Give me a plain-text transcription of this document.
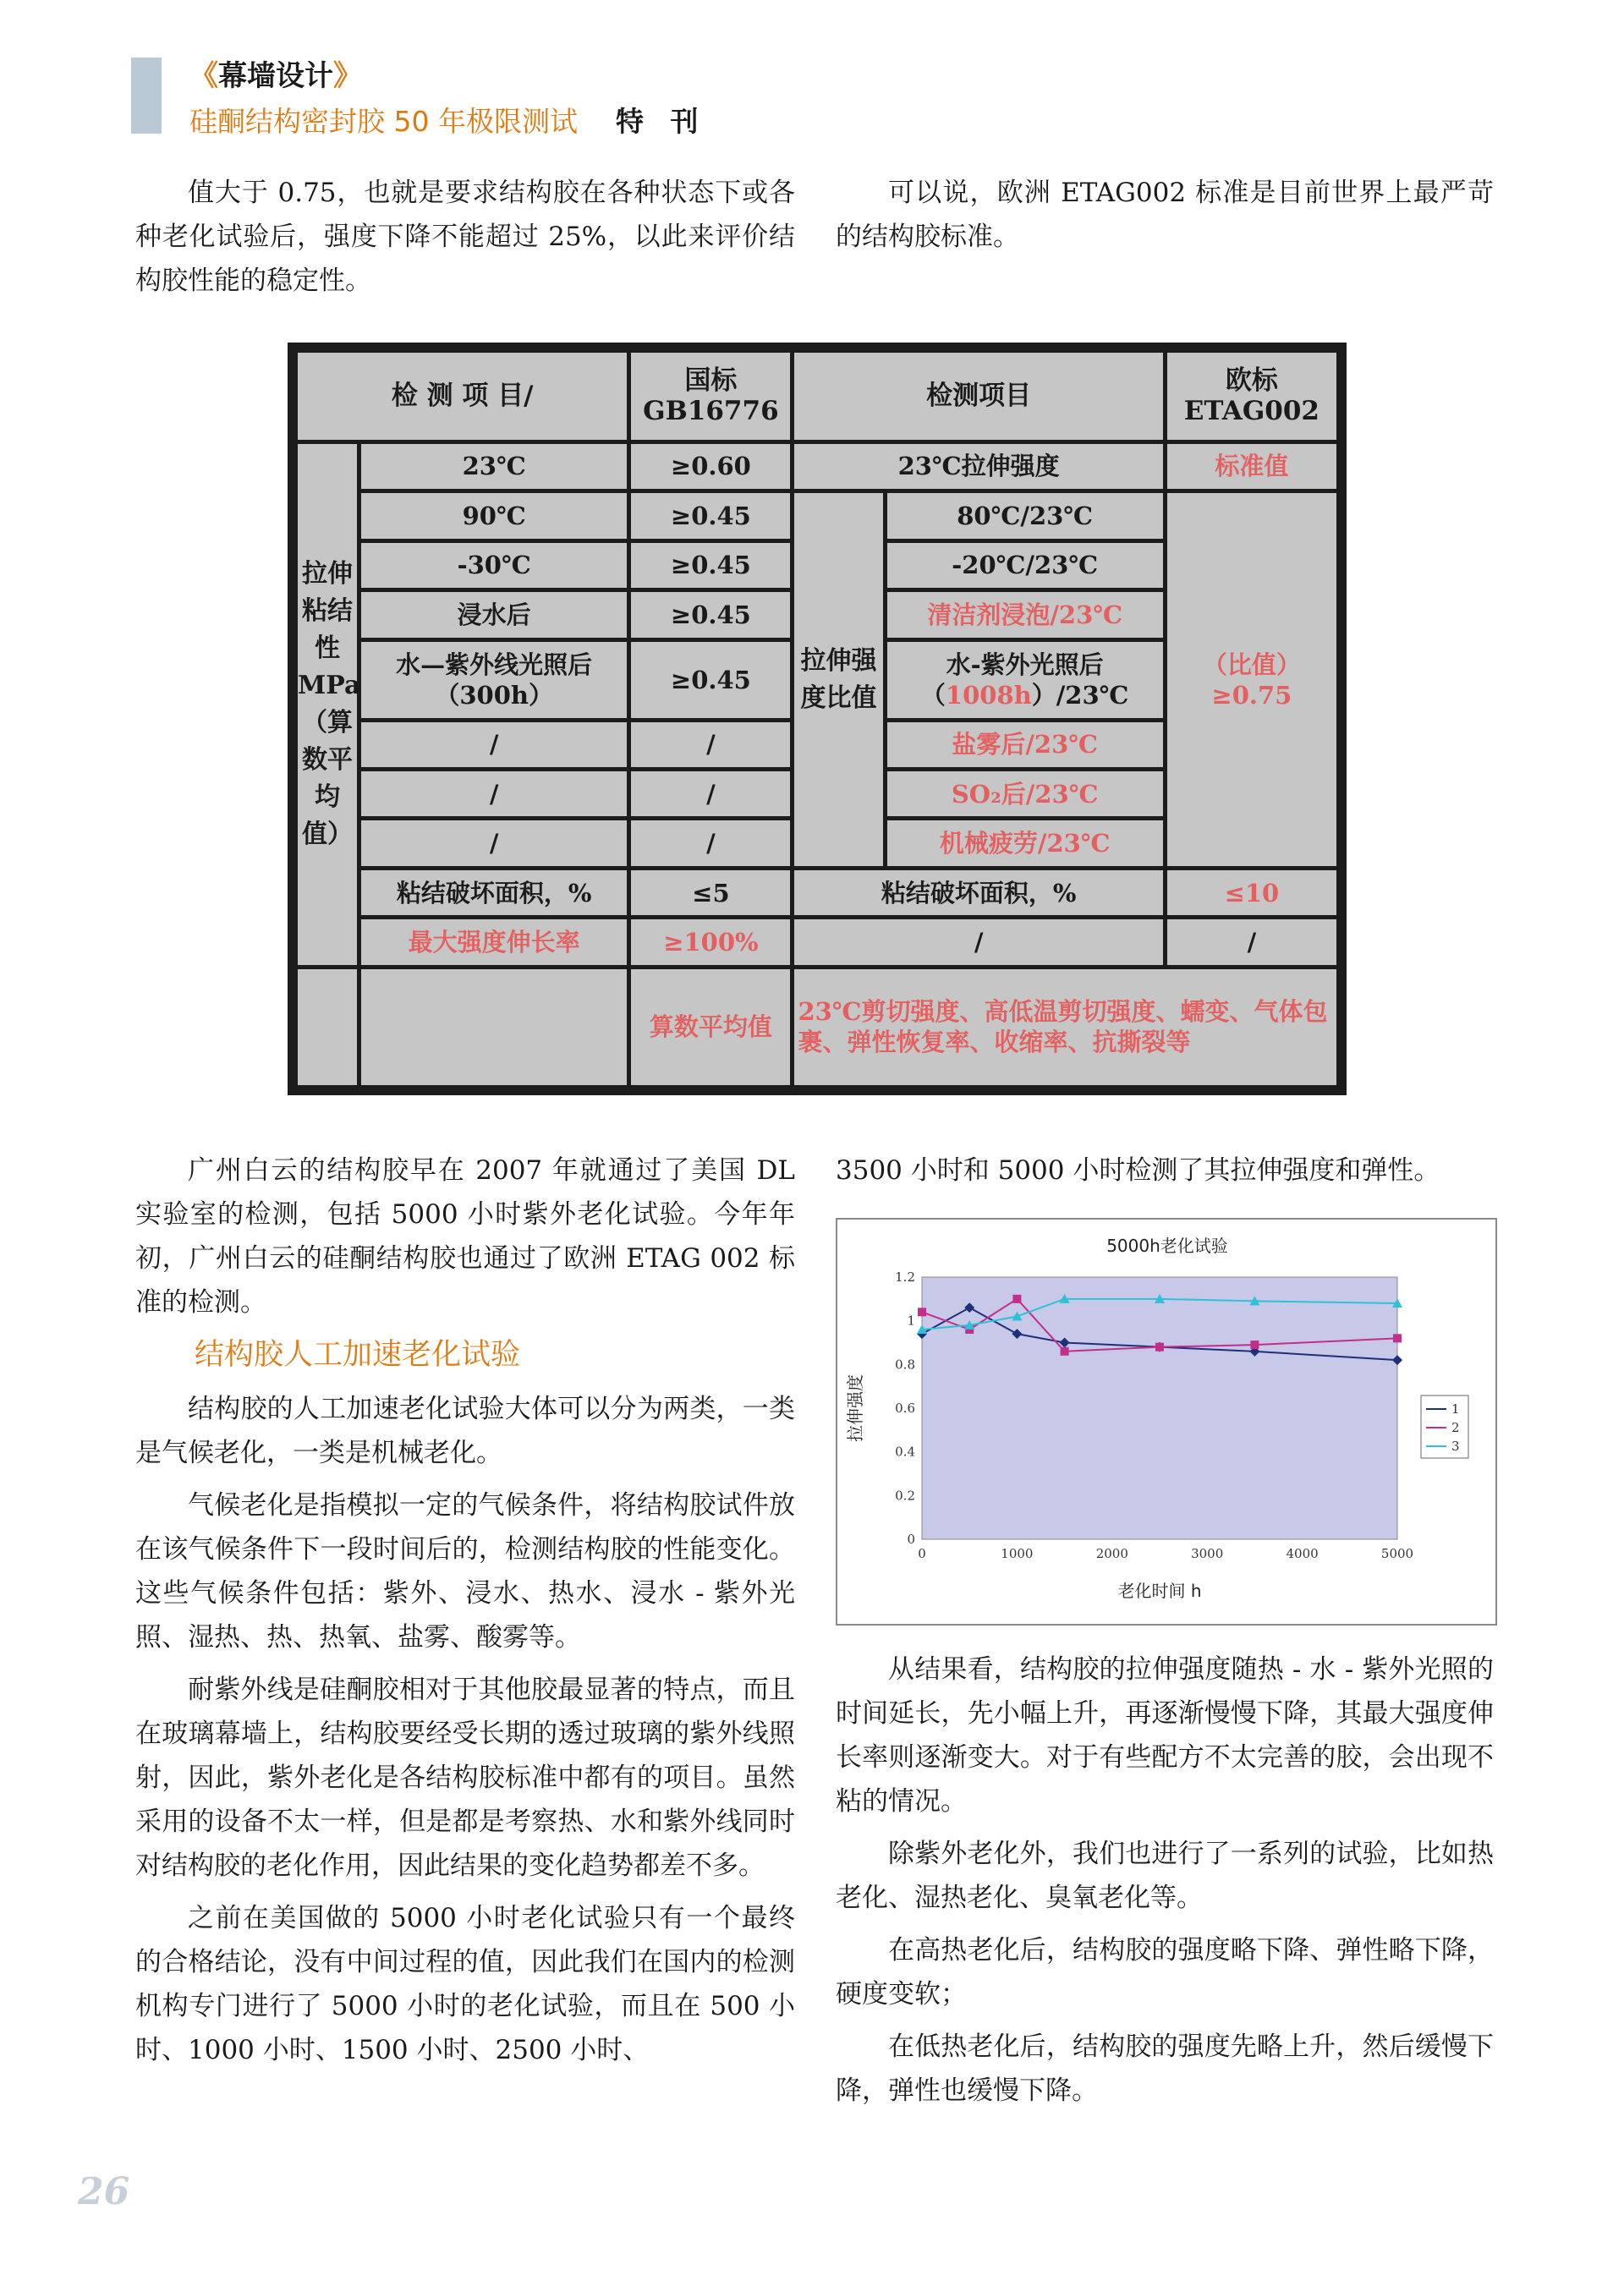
《幕墙设计》
硅酮结构密封胶 50 年极限测试 特 刊

值大于 0.75，也就是要求结构胶在各种状态下或各种老化试验后，强度下降不能超过 25%，以此来评价结构胶性能的稳定性。

可以说，欧洲 ETAG002 标准是目前世界上最严苛的结构胶标准。

检 测 项 目/		国标 GB16776	检测项目		欧标 ETAG002
拉伸粘结性MPa（算数平均值）	23℃	≥0.60	23℃拉伸强度		标准值
	90℃	≥0.45	拉伸强度比值	80℃/23℃	（比值）≥0.75
	-30℃	≥0.45		-20℃/23℃	
	浸水后	≥0.45		清洁剂浸泡/23℃	
	水—紫外线光照后（300h）	≥0.45		水-紫外光照后（1008h）/23℃	
	/	/		盐雾后/23℃	
	/	/		SO₂后/23℃	
	/	/		机械疲劳/23℃	
	粘结破坏面积，%	≤5	粘结破坏面积，%		≤10
	最大强度伸长率	≥100%	/		/
		算数平均值	23℃剪切强度、高低温剪切强度、蠕变、气体包裹、弹性恢复率、收缩率、抗撕裂等		

广州白云的结构胶早在 2007 年就通过了美国 DL 实验室的检测，包括 5000 小时紫外老化试验。今年年初，广州白云的硅酮结构胶也通过了欧洲 ETAG 002 标准的检测。

结构胶人工加速老化试验

结构胶的人工加速老化试验大体可以分为两类，一类是气候老化，一类是机械老化。

气候老化是指模拟一定的气候条件，将结构胶试件放在该气候条件下一段时间后的，检测结构胶的性能变化。这些气候条件包括：紫外、浸水、热水、浸水 - 紫外光照、湿热、热、热氧、盐雾、酸雾等。

耐紫外线是硅酮胶相对于其他胶最显著的特点，而且在玻璃幕墙上，结构胶要经受长期的透过玻璃的紫外线照射，因此，紫外老化是各结构胶标准中都有的项目。虽然采用的设备不太一样，但是都是考察热、水和紫外线同时对结构胶的老化作用，因此结果的变化趋势都差不多。

之前在美国做的 5000 小时老化试验只有一个最终的合格结论，没有中间过程的值，因此我们在国内的检测机构专门进行了 5000 小时的老化试验，而且在 500 小时、1000 小时、1500 小时、2500 小时、

3500 小时和 5000 小时检测了其拉伸强度和弹性。

5000h老化试验
0
0.2
0.4
0.6
0.8
1
1.2
0	1000	2000	3000	4000	5000
老化时间 h
拉伸强度	1
2
3

从结果看，结构胶的拉伸强度随热 - 水 - 紫外光照的时间延长，先小幅上升，再逐渐慢慢下降，其最大强度伸长率则逐渐变大。对于有些配方不太完善的胶，会出现不粘的情况。

除紫外老化外，我们也进行了一系列的试验，比如热老化、湿热老化、臭氧老化等。

在高热老化后，结构胶的强度略下降、弹性略下降，硬度变软；

在低热老化后，结构胶的强度先略上升，然后缓慢下降，弹性也缓慢下降。

26
